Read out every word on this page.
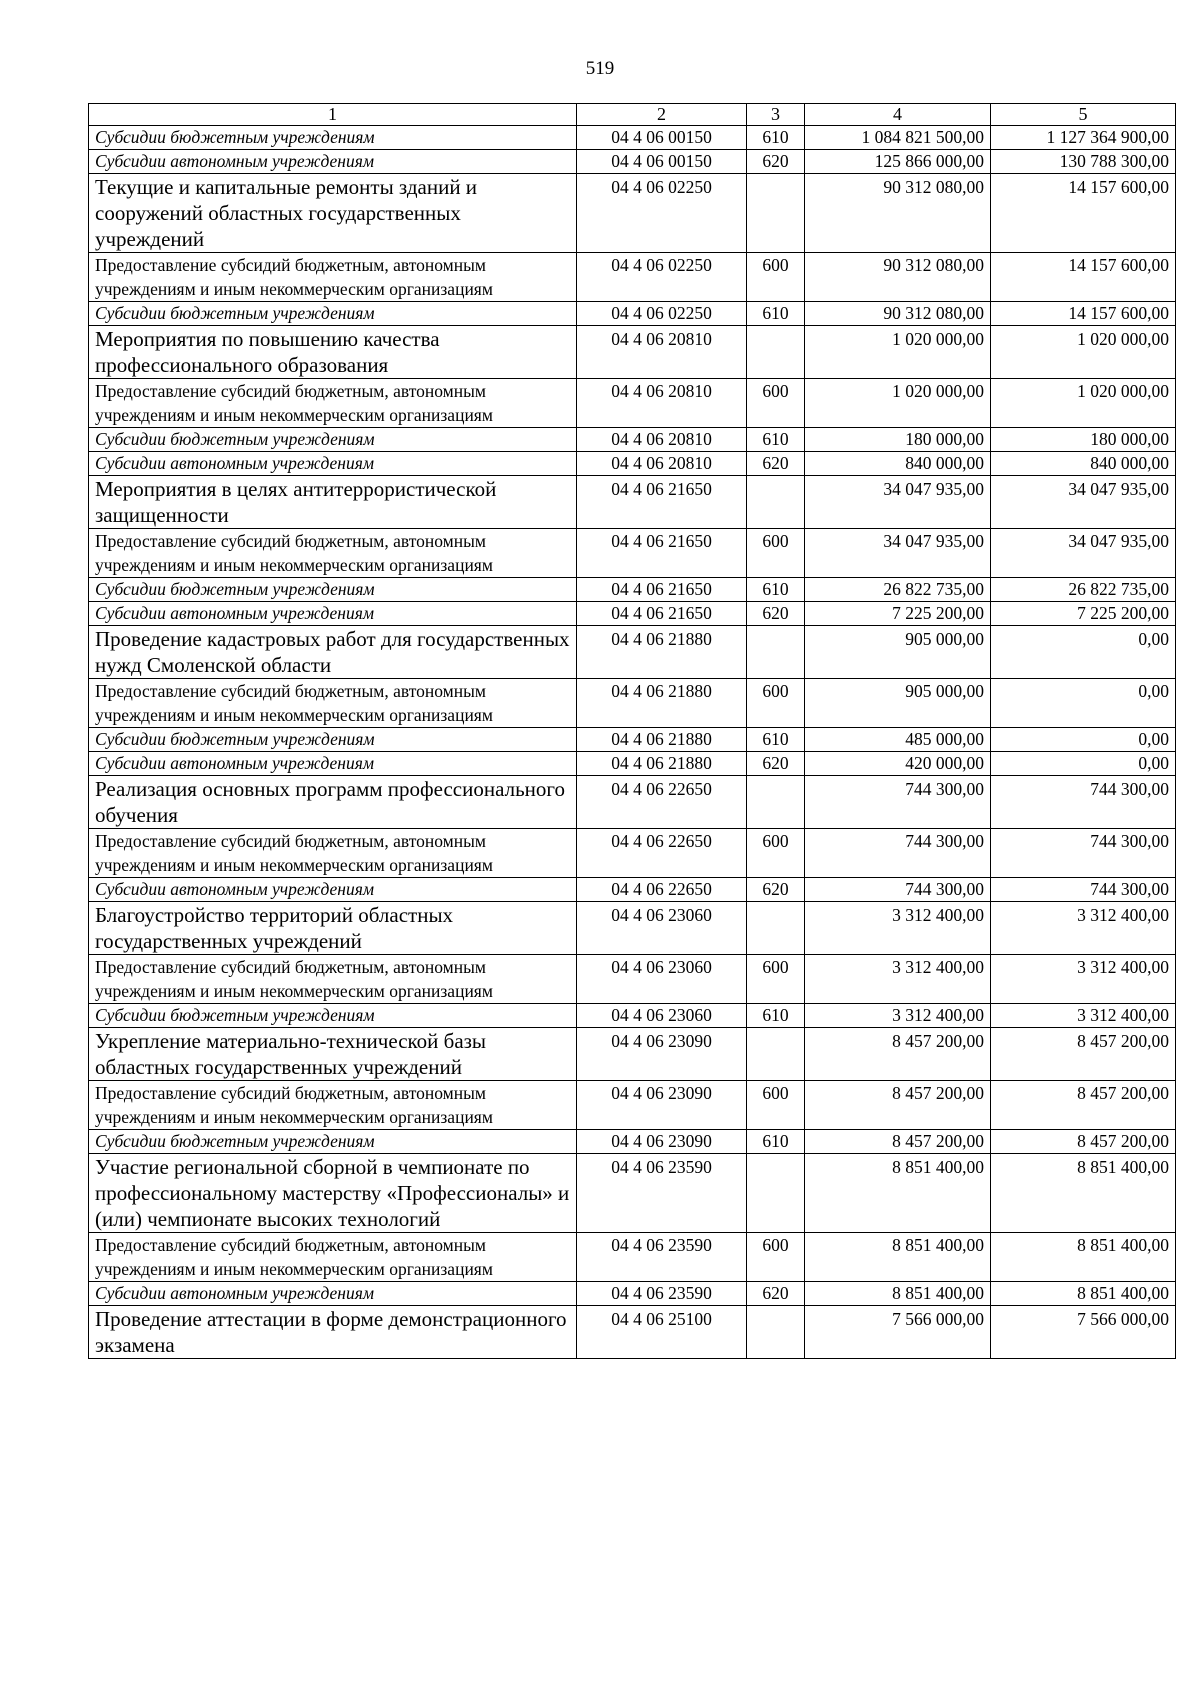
519
1	2	3	4	5
Субсидии бюджетным учреждениям	04 4 06 00150	610	1 084 821 500,00	1 127 364 900,00
Субсидии автономным учреждениям	04 4 06 00150	620	125 866 000,00	130 788 300,00
Текущие и капитальные ремонты зданий и сооружений областных государственных учреждений	04 4 06 02250		90 312 080,00	14 157 600,00
Предоставление субсидий бюджетным, автономным учреждениям и иным некоммерческим организациям	04 4 06 02250	600	90 312 080,00	14 157 600,00
Субсидии бюджетным учреждениям	04 4 06 02250	610	90 312 080,00	14 157 600,00
Мероприятия по повышению качества профессионального образования	04 4 06 20810		1 020 000,00	1 020 000,00
Предоставление субсидий бюджетным, автономным учреждениям и иным некоммерческим организациям	04 4 06 20810	600	1 020 000,00	1 020 000,00
Субсидии бюджетным учреждениям	04 4 06 20810	610	180 000,00	180 000,00
Субсидии автономным учреждениям	04 4 06 20810	620	840 000,00	840 000,00
Мероприятия в целях антитеррористической защищенности	04 4 06 21650		34 047 935,00	34 047 935,00
Предоставление субсидий бюджетным, автономным учреждениям и иным некоммерческим организациям	04 4 06 21650	600	34 047 935,00	34 047 935,00
Субсидии бюджетным учреждениям	04 4 06 21650	610	26 822 735,00	26 822 735,00
Субсидии автономным учреждениям	04 4 06 21650	620	7 225 200,00	7 225 200,00
Проведение кадастровых работ для государственных нужд Смоленской области	04 4 06 21880		905 000,00	0,00
Предоставление субсидий бюджетным, автономным учреждениям и иным некоммерческим организациям	04 4 06 21880	600	905 000,00	0,00
Субсидии бюджетным учреждениям	04 4 06 21880	610	485 000,00	0,00
Субсидии автономным учреждениям	04 4 06 21880	620	420 000,00	0,00
Реализация основных программ профессионального обучения	04 4 06 22650		744 300,00	744 300,00
Предоставление субсидий бюджетным, автономным учреждениям и иным некоммерческим организациям	04 4 06 22650	600	744 300,00	744 300,00
Субсидии автономным учреждениям	04 4 06 22650	620	744 300,00	744 300,00
Благоустройство территорий областных государственных учреждений	04 4 06 23060		3 312 400,00	3 312 400,00
Предоставление субсидий бюджетным, автономным учреждениям и иным некоммерческим организациям	04 4 06 23060	600	3 312 400,00	3 312 400,00
Субсидии бюджетным учреждениям	04 4 06 23060	610	3 312 400,00	3 312 400,00
Укрепление материально-технической базы областных государственных учреждений	04 4 06 23090		8 457 200,00	8 457 200,00
Предоставление субсидий бюджетным, автономным учреждениям и иным некоммерческим организациям	04 4 06 23090	600	8 457 200,00	8 457 200,00
Субсидии бюджетным учреждениям	04 4 06 23090	610	8 457 200,00	8 457 200,00
Участие региональной сборной в чемпионате по профессиональному мастерству «Профессионалы» и (или) чемпионате высоких технологий	04 4 06 23590		8 851 400,00	8 851 400,00
Предоставление субсидий бюджетным, автономным учреждениям и иным некоммерческим организациям	04 4 06 23590	600	8 851 400,00	8 851 400,00
Субсидии автономным учреждениям	04 4 06 23590	620	8 851 400,00	8 851 400,00
Проведение аттестации в форме демонстрационного экзамена	04 4 06 25100		7 566 000,00	7 566 000,00
